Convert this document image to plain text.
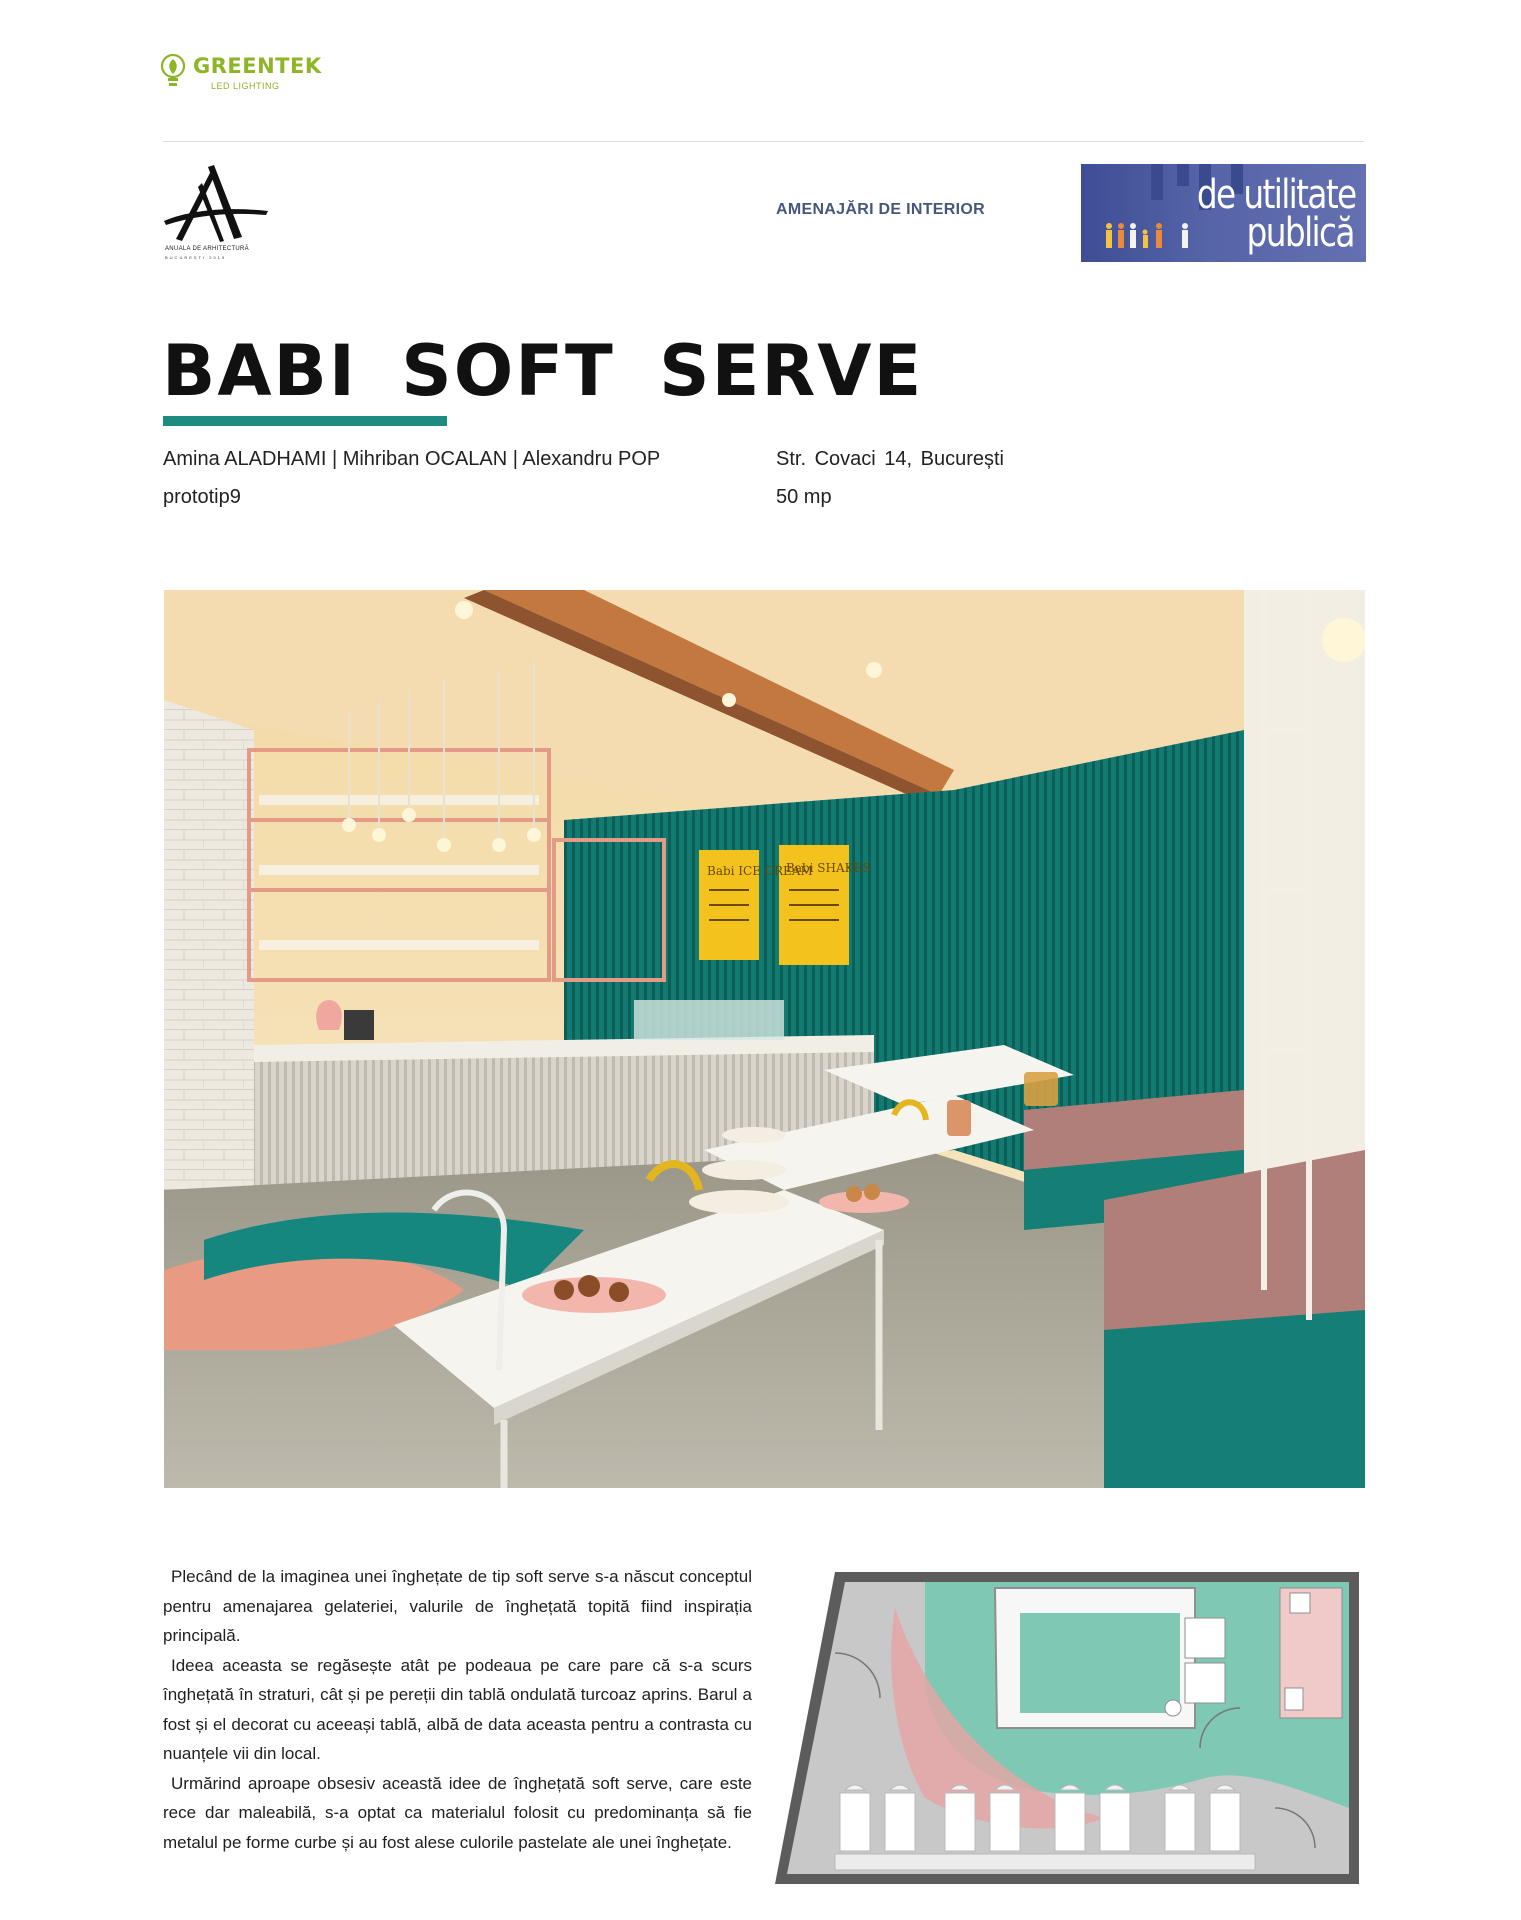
GREENTEK
LED LIGHTING
ANUALA DE ARHITECTURĂ
BUCUREȘTI 2019
AMENAJĂRI DE INTERIOR	de utilitate
publică
BABI SOFT SERVE
Amina ALADHAMI | Mihriban OCALAN | Alexandru POP
prototip9
Str. Covaci 14, București
50 mp
Babi ICE CREAM
Babi SHAKES

Plecând de la imaginea unei înghețate de tip soft serve s-a născut conceptul pentru amenajarea gelateriei, valurile de înghețată topită fiind inspirația principală.

Ideea aceasta se regăsește atât pe podeaua pe care pare că s-a scurs înghețată în straturi, cât și pe pereții din tablă ondulată turcoaz aprins. Barul a fost și el decorat cu aceeași tablă, albă de data aceasta pentru a contrasta cu nuanțele vii din local.

Urmărind aproape obsesiv această idee de înghețată soft serve, care este rece dar maleabilă, s-a optat ca materialul folosit cu predominanța să fie metalul pe forme curbe și au fost alese culorile pastelate ale unei înghețate.
